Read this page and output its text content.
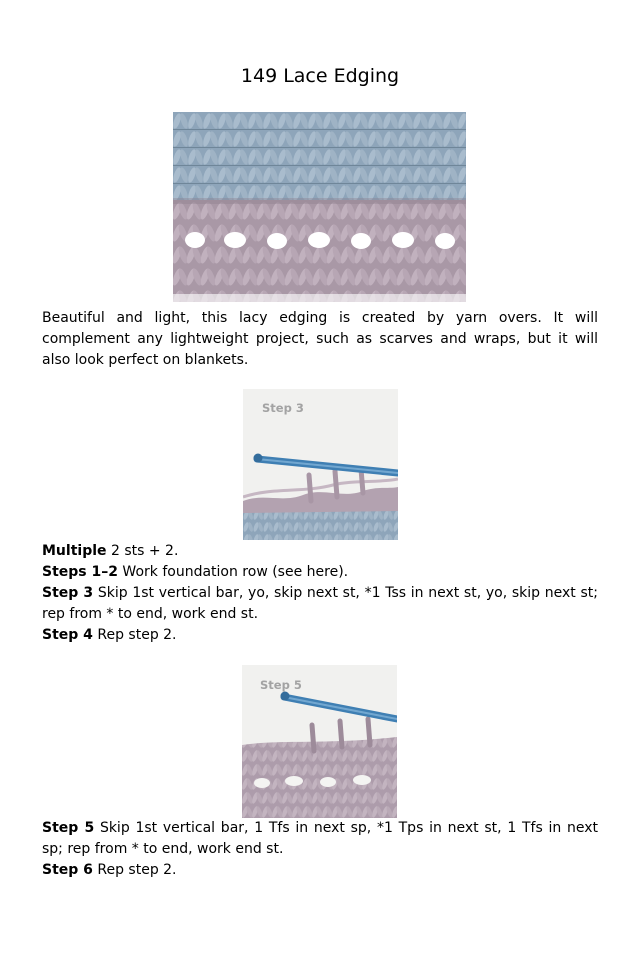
149 Lace Edging
Beautiful and light, this lacy edging is created by yarn overs. It will complement any lightweight project, such as scarves and wraps, but it will also look perfect on blankets.
Step 3
Multiple 2 sts + 2.
Steps 1–2 Work foundation row (see here).
Step 3 Skip 1st vertical bar, yo, skip next st, *1 Tss in next st, yo, skip next st; rep from * to end, work end st.
Step 4 Rep step 2.
Step 5
Step 5 Skip 1st vertical bar, 1 Tfs in next sp, *1 Tps in next st, 1 Tfs in next sp; rep from * to end, work end st.
Step 6 Rep step 2.
